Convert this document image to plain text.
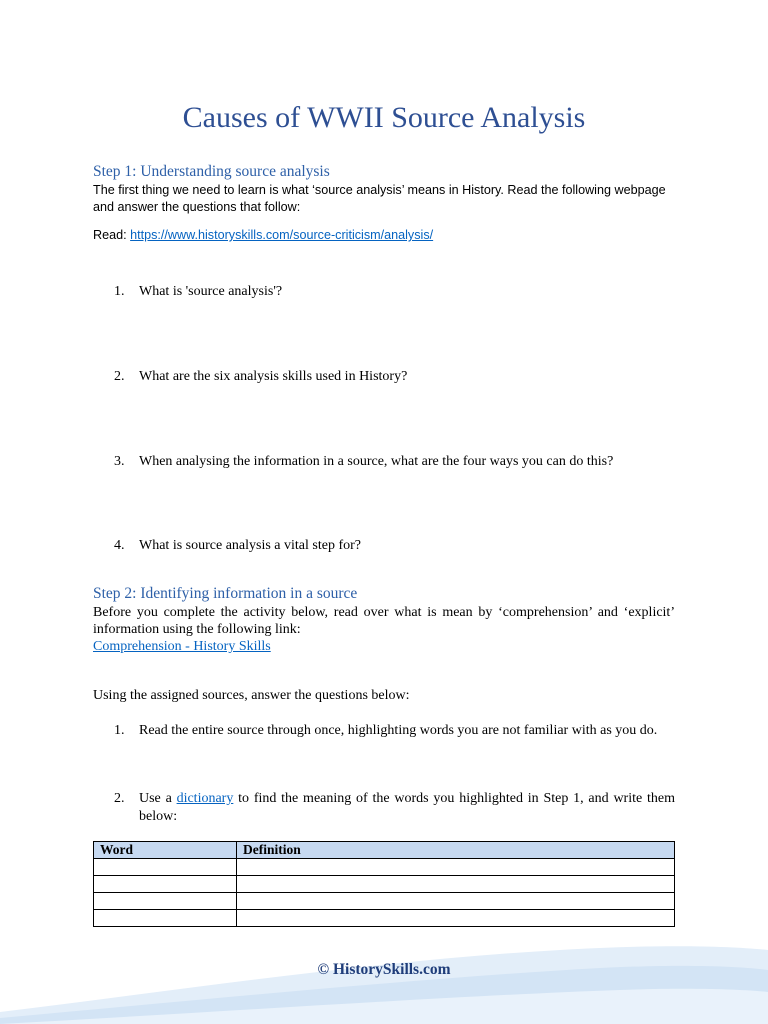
Causes of WWII Source Analysis
Step 1: Understanding source analysis
The first thing we need to learn is what ‘source analysis’ means in History. Read the following webpage and answer the questions that follow:
Read: https://www.historyskills.com/source-criticism/analysis/
1.	What is 'source analysis'?
2.	What are the six analysis skills used in History?
3.	When analysing the information in a source, what are the four ways you can do this?
4.	What is source analysis a vital step for?
Step 2: Identifying information in a source
Before you complete the activity below, read over what is mean by ‘comprehension’ and ‘explicit’ information using the following link:
Comprehension - History Skills
Using the assigned sources, answer the questions below:
1.	Read the entire source through once, highlighting words you are not familiar with as you do.
2.	Use a dictionary to find the meaning of the words you highlighted in Step 1, and write them below:
Word	Definition

© HistorySkills.com
